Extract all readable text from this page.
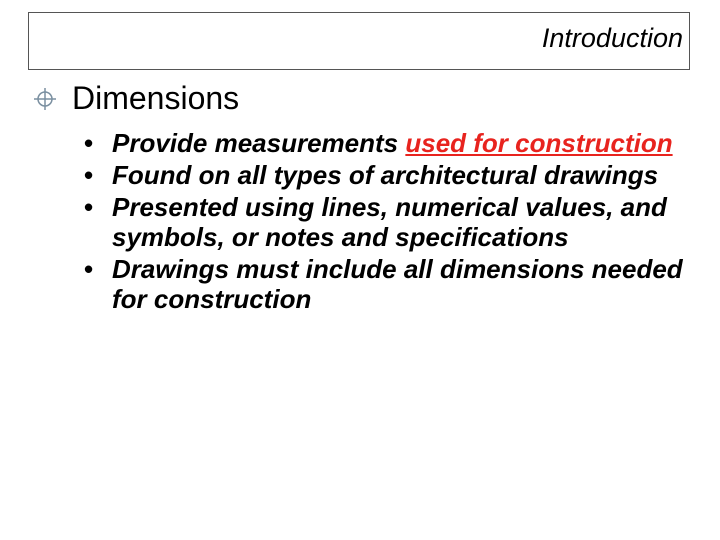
Introduction
Dimensions
• Provide measurements used for construction
• Found on all types of architectural drawings
• Presented using lines, numerical values, and symbols, or notes and specifications
• Drawings must include all dimensions needed for construction
